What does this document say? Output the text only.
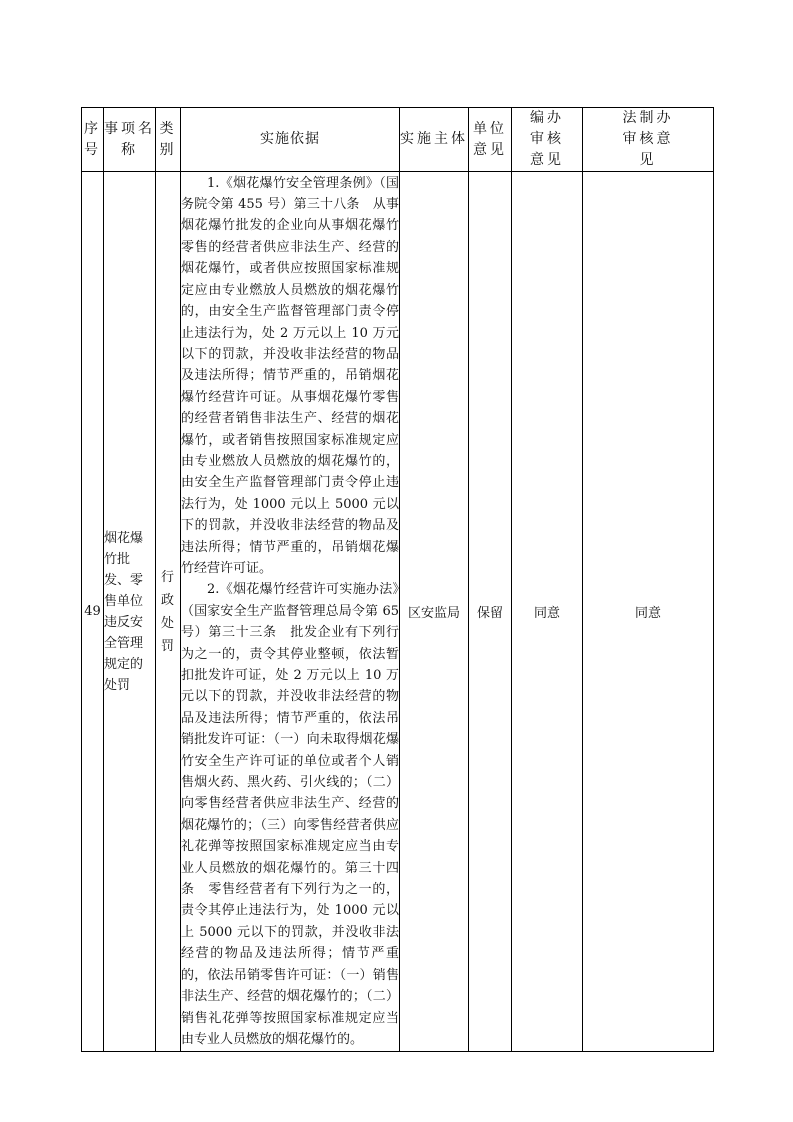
序号	事项名称	类别	实施依据	实施主体	单位意见	编办审核意见	法制办审核意见
49	烟花爆竹批发、零售单位违反安全管理规定的处罚	行政处罚	1.《烟花爆竹安全管理条例》（国务院令第 455 号）第三十八条　从事烟花爆竹批发的企业向从事烟花爆竹零售的经营者供应非法生产、经营的烟花爆竹，或者供应按照国家标准规定应由专业燃放人员燃放的烟花爆竹的，由安全生产监督管理部门责令停止违法行为，处 2 万元以上 10 万元以下的罚款，并没收非法经营的物品及违法所得；情节严重的，吊销烟花爆竹经营许可证。从事烟花爆竹零售的经营者销售非法生产、经营的烟花爆竹，或者销售按照国家标准规定应由专业燃放人员燃放的烟花爆竹的，由安全生产监督管理部门责令停止违法行为，处 1000 元以上 5000 元以下的罚款，并没收非法经营的物品及违法所得；情节严重的，吊销烟花爆竹经营许可证。

2.《烟花爆竹经营许可实施办法》（国家安全生产监督管理总局令第 65 号）第三十三条　批发企业有下列行为之一的，责令其停业整顿，依法暂扣批发许可证，处 2 万元以上 10 万元以下的罚款，并没收非法经营的物品及违法所得；情节严重的，依法吊销批发许可证：（一）向未取得烟花爆竹安全生产许可证的单位或者个人销售烟火药、黑火药、引火线的；（二）向零售经营者供应非法生产、经营的烟花爆竹的；（三）向零售经营者供应礼花弹等按照国家标准规定应当由专业人员燃放的烟花爆竹的。第三十四条　零售经营者有下列行为之一的，责令其停止违法行为，处 1000 元以上 5000 元以下的罚款，并没收非法经营的物品及违法所得；情节严重的，依法吊销零售许可证：（一）销售非法生产、经营的烟花爆竹的；（二）销售礼花弹等按照国家标准规定应当由专业人员燃放的烟花爆竹的。	区安监局	保留	同意	同意
